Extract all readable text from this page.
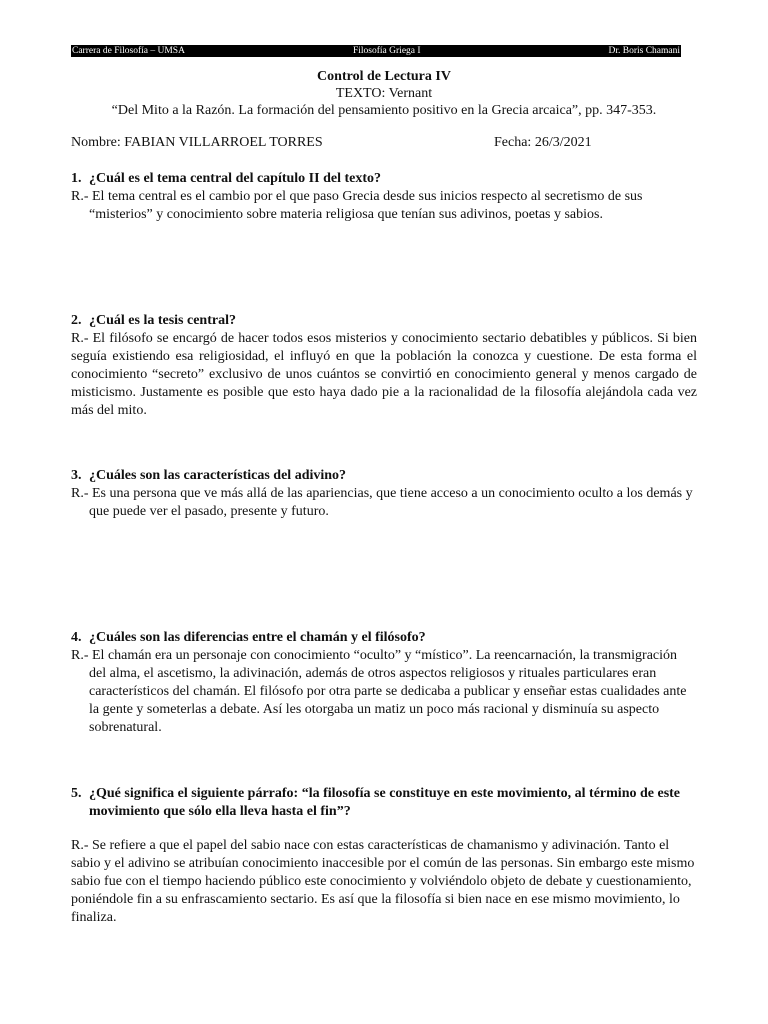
Carrera de Filosofía – UMSA	Filosofía Griega I	Dr. Boris Chamani
Control de Lectura IV
TEXTO: Vernant
“Del Mito a la Razón. La formación del pensamiento positivo en la Grecia arcaica”, pp. 347-353.
Nombre: FABIAN VILLARROEL TORRES	Fecha: 26/3/2021
1. ¿Cuál es el tema central del capítulo II del texto?
R.- El tema central es el cambio por el que paso Grecia desde sus inicios respecto al secretismo de sus “misterios” y conocimiento sobre materia religiosa que tenían sus adivinos, poetas y sabios.
2. ¿Cuál es la tesis central?
R.- El filósofo se encargó de hacer todos esos misterios y conocimiento sectario debatibles y públicos. Si bien seguía existiendo esa religiosidad, el influyó en que la población la conozca y cuestione. De esta forma el conocimiento “secreto” exclusivo de unos cuántos se convirtió en conocimiento general y menos cargado de misticismo. Justamente es posible que esto haya dado pie a la racionalidad de la filosofía alejándola cada vez más del mito.
3. ¿Cuáles son las características del adivino?
R.- Es una persona que ve más allá de las apariencias, que tiene acceso a un conocimiento oculto a los demás y que puede ver el pasado, presente y futuro.
4. ¿Cuáles son las diferencias entre el chamán y el filósofo?
R.- El chamán era un personaje con conocimiento “oculto” y “místico”. La reencarnación, la transmigración del alma, el ascetismo, la adivinación, además de otros aspectos religiosos y rituales particulares eran característicos del chamán. El filósofo por otra parte se dedicaba a publicar y enseñar estas cualidades ante la gente y someterlas a debate. Así les otorgaba un matiz un poco más racional y disminuía su aspecto sobrenatural.
5. ¿Qué significa el siguiente párrafo: “la filosofía se constituye en este movimiento, al término de este movimiento que sólo ella lleva hasta el fin”?
R.- Se refiere a que el papel del sabio nace con estas características de chamanismo y adivinación. Tanto el sabio y el adivino se atribuían conocimiento inaccesible por el común de las personas. Sin embargo este mismo sabio fue con el tiempo haciendo público este conocimiento y volviéndolo objeto de debate y cuestionamiento, poniéndole fin a su enfrascamiento sectario. Es así que la filosofía si bien nace en ese mismo movimiento, lo finaliza.
